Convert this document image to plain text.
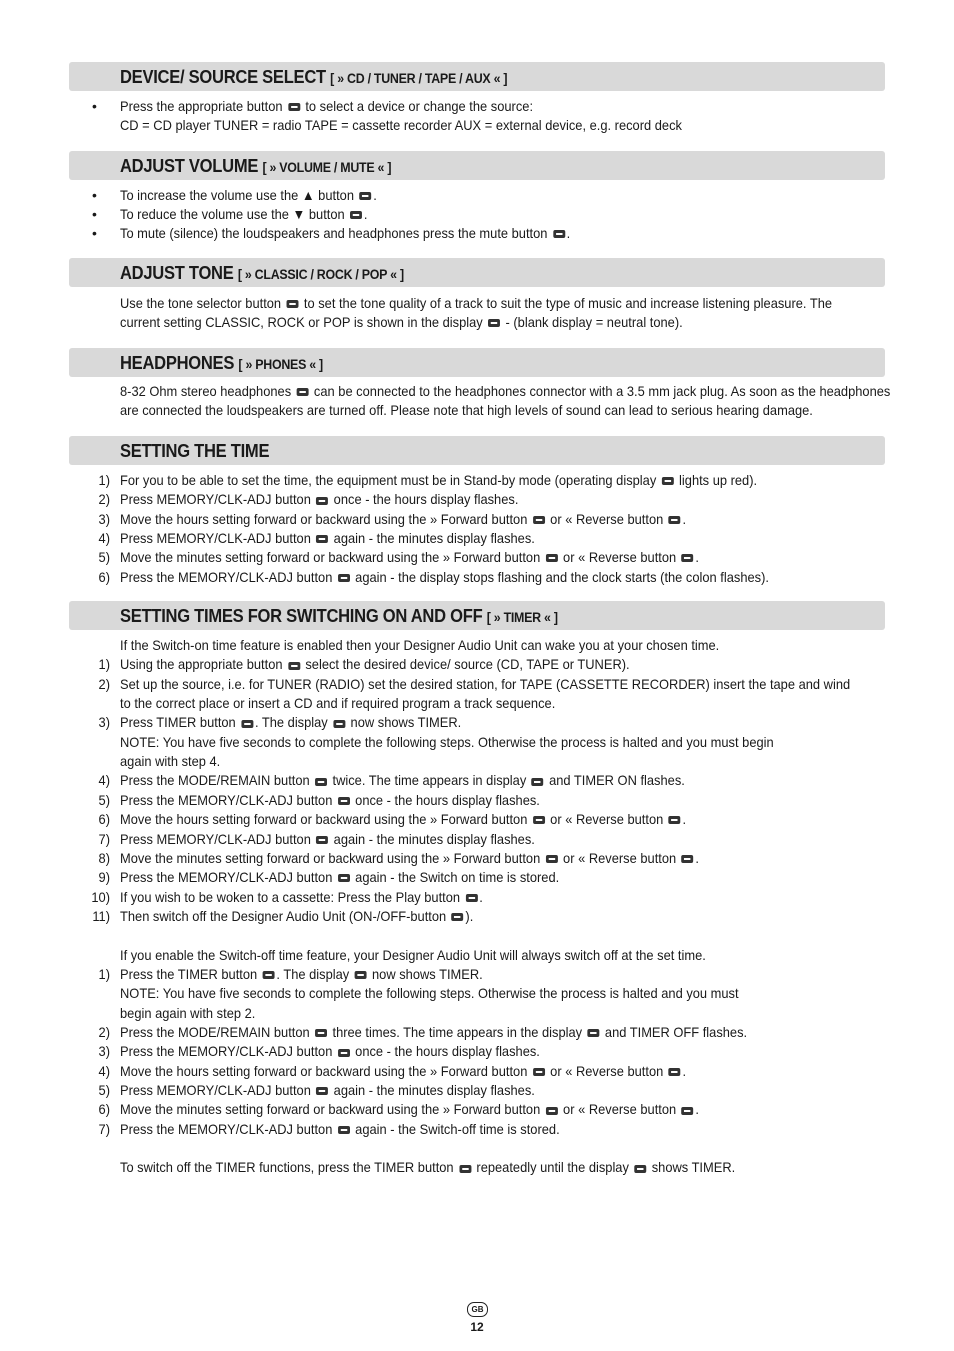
DEVICE/ SOURCE SELECT [ » CD / TUNER / TAPE / AUX « ]
ADJUST VOLUME [ » VOLUME / MUTE « ]
ADJUST TONE [ » CLASSIC / ROCK / POP « ]
HEADPHONES [ » PHONES « ]
SETTING THE TIME
SETTING TIMES FOR SWITCHING ON AND OFF [ » TIMER « ]
• Press the appropriate button  to select a device or change the source:
CD = CD player TUNER = radio TAPE = cassette recorder AUX = external device, e.g. record deck
• To increase the volume use the ▲ button .
• To reduce the volume use the ▼ button .
• To mute (silence) the loudspeakers and headphones press the mute button .
Use the tone selector button  to set the tone quality of a track to suit the type of music and increase listening pleasure. The
current setting CLASSIC, ROCK or POP is shown in the display  - (blank display = neutral tone).
8-32 Ohm stereo headphones  can be connected to the headphones connector with a 3.5 mm jack plug. As soon as the headphones
are connected the loudspeakers are turned off. Please note that high levels of sound can lead to serious hearing damage.
1) For you to be able to set the time, the equipment must be in Stand-by mode (operating display  lights up red).
2) Press MEMORY/CLK-ADJ button  once - the hours display flashes.
3) Move the hours setting forward or backward using the » Forward button  or « Reverse button .
4) Press MEMORY/CLK-ADJ button  again - the minutes display flashes.
5) Move the minutes setting forward or backward using the » Forward button  or « Reverse button .
6) Press the MEMORY/CLK-ADJ button  again - the display stops flashing and the clock starts (the colon flashes).
If the Switch-on time feature is enabled then your Designer Audio Unit can wake you at your chosen time.
1) Using the appropriate button  select the desired device/ source (CD, TAPE or TUNER).
2) Set up the source, i.e. for TUNER (RADIO) set the desired station, for TAPE (CASSETTE RECORDER) insert the tape and wind
to the correct place or insert a CD and if required program a track sequence.
3) Press TIMER button . The display  now shows TIMER.
NOTE: You have five seconds to complete the following steps. Otherwise the process is halted and you must begin
again with step 4.
4) Press the MODE/REMAIN button  twice. The time appears in display  and TIMER ON flashes.
5) Press the MEMORY/CLK-ADJ button  once - the hours display flashes.
6) Move the hours setting forward or backward using the » Forward button  or « Reverse button .
7) Press MEMORY/CLK-ADJ button  again - the minutes display flashes.
8) Move the minutes setting forward or backward using the » Forward button  or « Reverse button .
9) Press the MEMORY/CLK-ADJ button  again - the Switch on time is stored.
10) If you wish to be woken to a cassette: Press the Play button .
11) Then switch off the Designer Audio Unit (ON-/OFF-button ).
If you enable the Switch-off time feature, your Designer Audio Unit will always switch off at the set time.
1) Press the TIMER button . The display  now shows TIMER.
NOTE: You have five seconds to complete the following steps. Otherwise the process is halted and you must
begin again with step 2.
2) Press the MODE/REMAIN button  three times. The time appears in the display  and TIMER OFF flashes.
3) Press the MEMORY/CLK-ADJ button  once - the hours display flashes.
4) Move the hours setting forward or backward using the » Forward button  or « Reverse button .
5) Press MEMORY/CLK-ADJ button  again - the minutes display flashes.
6) Move the minutes setting forward or backward using the » Forward button  or « Reverse button .
7) Press the MEMORY/CLK-ADJ button  again - the Switch-off time is stored.
To switch off the TIMER functions, press the TIMER button  repeatedly until the display  shows TIMER.
GB
12
